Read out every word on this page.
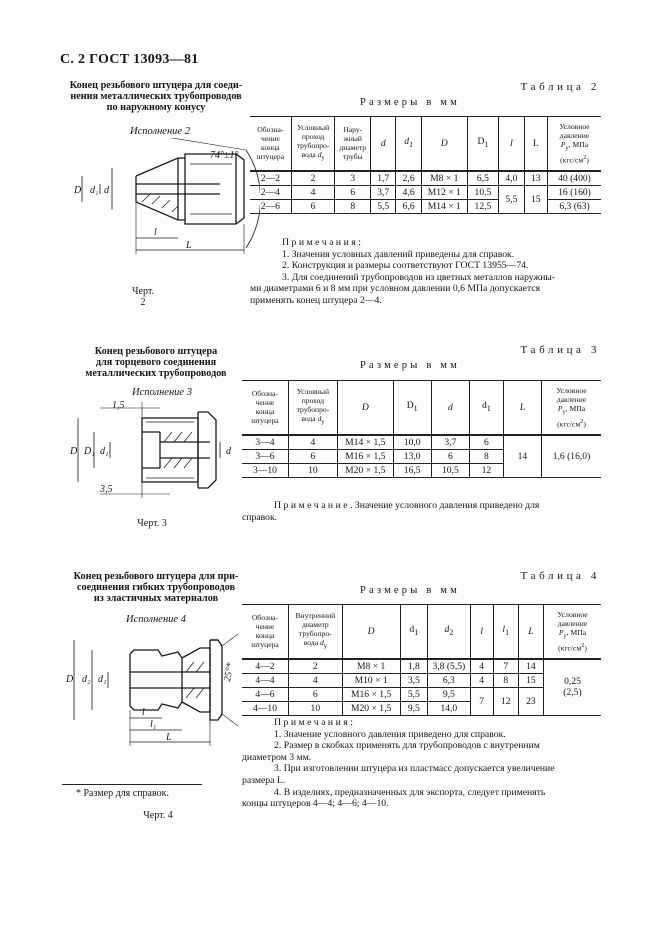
С. 2 ГОСТ 13093—81
Конец резьбового штуцера для соеди-
нения металлических трубопроводов
по наружному конусу
Исполнение 2
D d₁ d
l
L
74°±1°
Черт.
2
Таблица 2
Размеры в мм
Обозна-
чение
конца
штуцера	Условный
проход
трубопро-
вода $d_у$	Нару-
жный
диаметр
трубы	d	$d_1$	D	$D_1$	l	L	Условное
давление
$P_у$, МПа
$(кгс/см^2)$
2—2	2	3	1,7	2,6	М8 × 1	6,5	4,0	13	40 (400)
2—4	4	6	3,7	4,6	М12 × 1	10,5	5,5	15	16 (160)
2—6	6	8	5,5	6,6	М14 × 1	12,5			6,3 (63)

Примечания:

1. Значения условных давлений приведены для справок.

2. Конструкция и размеры соответствуют ГОСТ 13955—74.

3. Для соединений трубопроводов из цветных металлов наружны-

ми диаметрами 6 и 8 мм при условном давлении 0,6 МПа допускается

применять конец штуцера 2—4.

Конец резьбового штуцера
для торцевого соединения
металлических трубопроводов
Исполнение 3
1,5
3,5
D D₁ d₁	d
Черт. 3
Таблица 3
Размеры в мм
Обозна-
чение
конца
штуцера	Условный
проход
трубопро-
вода $d_у$	D	$D_1$	d	$d_1$	L	Условное
давление
$P_у$, МПа
$(кгс/см^2)$
3—4	4	М14 × 1,5	10,0	3,7	6	14	1,6 (16,0)
3—6	6	М16 × 1,5	13,0	6	8		
3—10	10	М20 × 1,5	16,5	10,5	12		

Примечание. Значение условного давления приведено для

справок.

Конец резьбового штуцера для при-
соединения гибких трубопроводов
из эластичных материалов
Исполнение 4
25°*
D d₂ d₁
l
l₁
L
* Размер для справок.
Черт. 4
Таблица 4
Размеры в мм
Обозна-
чение
конца
штуцера	Внутренний
диаметр
трубопро-
вода $d_у$	D	$d_1$	$d_2$	l	$l_1$	L	Условное
давление
$P_у$, МПа
$(кгс/см^2)$
4—2	2	М8 × 1	1,8	3,8 (5,5)	4	7	14	0,25
(2,5)
4—4	4	М10 × 1	3,5	6,3	4	8	15	
4—6	6	М16 × 1,5	5,5	9,5	7	12	23	
4—10	10	М20 × 1,5	9,5	14,0				

Примечания:

1. Значение условного давления приведено для справок.

2. Размер в скобках применять для трубопроводов с внутренним

диаметром 3 мм.

3. При изготовлении штуцера из пластмасс допускается увеличение

размера L.

4. В изделиях, предназначенных для экспорта, следует применять

концы штуцеров 4—4; 4—6; 4—10.
